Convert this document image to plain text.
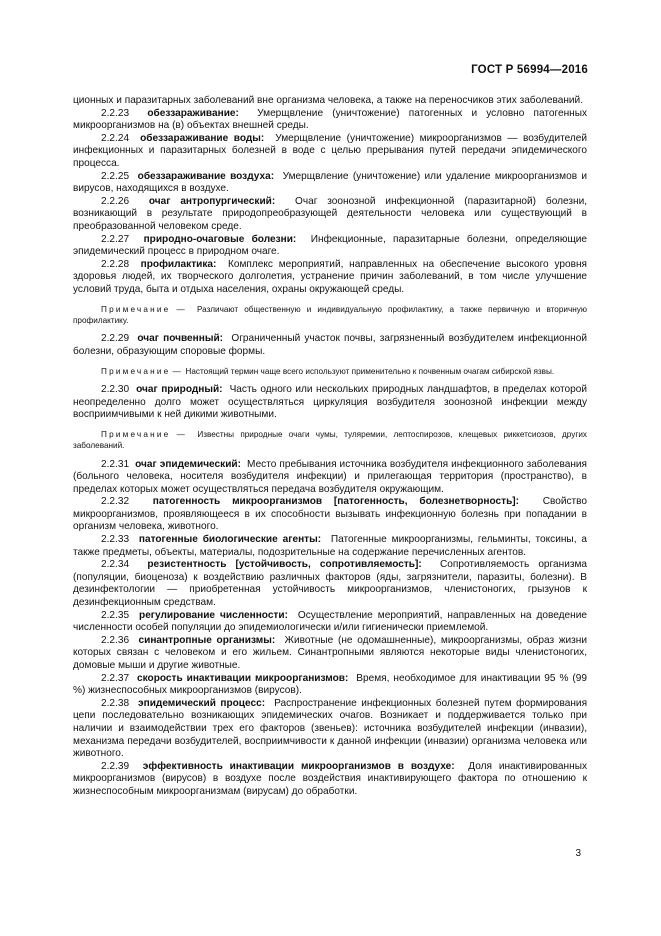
ГОСТ Р 56994—2016

ционных и паразитарных заболеваний вне организма человека, а также на переносчиков этих заболеваний.

2.2.23 обеззараживание: Умерщвление (уничтожение) патогенных и условно патогенных микроорганизмов на (в) объектах внешней среды.

2.2.24 обеззараживание воды: Умерщвление (уничтожение) микроорганизмов — возбудителей инфекционных и паразитарных болезней в воде с целью прерывания путей передачи эпидемического процесса.

2.2.25 обеззараживание воздуха: Умерщвление (уничтожение) или удаление микроорганизмов и вирусов, находящихся в воздухе.

2.2.26 очаг антропургический: Очаг зоонозной инфекционной (паразитарной) болезни, возникающий в результате природопреобразующей деятельности человека или существующий в преобразованной человеком среде.

2.2.27 природно-очаговые болезни: Инфекционные, паразитарные болезни, определяющие эпидемический процесс в природном очаге.

2.2.28 профилактика: Комплекс мероприятий, направленных на обеспечение высокого уровня здоровья людей, их творческого долголетия, устранение причин заболеваний, в том числе улучшение условий труда, быта и отдыха населения, охраны окружающей среды.

Примечание — Различают общественную и индивидуальную профилактику, а также первичную и вторичную профилактику.

2.2.29 очаг почвенный: Ограниченный участок почвы, загрязненный возбудителем инфекционной болезни, образующим споровые формы.

Примечание — Настоящий термин чаще всего используют применительно к почвенным очагам сибирской язвы.

2.2.30 очаг природный: Часть одного или нескольких природных ландшафтов, в пределах которой неопределенно долго может осуществляться циркуляция возбудителя зоонозной инфекции между восприимчивыми к ней дикими животными.

Примечание — Известны природные очаги чумы, туляремии, лептоспирозов, клещевых риккетсиозов, других заболеваний.

2.2.31 очаг эпидемический: Место пребывания источника возбудителя инфекционного заболевания (больного человека, носителя возбудителя инфекции) и прилегающая территория (пространство), в пределах которых может осуществляться передача возбудителя окружающим.

2.2.32 патогенность микроорганизмов [патогенность, болезнетворность]: Свойство микроорганизмов, проявляющееся в их способности вызывать инфекционную болезнь при попадании в организм человека, животного.

2.2.33 патогенные биологические агенты: Патогенные микроорганизмы, гельминты, токсины, а также предметы, объекты, материалы, подозрительные на содержание перечисленных агентов.

2.2.34 резистентность [устойчивость, сопротивляемость]: Сопротивляемость организма (популяции, биоценоза) к воздействию различных факторов (яды, загрязнители, паразиты, болезни). В дезинфектологии — приобретенная устойчивость микроорганизмов, членистоногих, грызунов к дезинфекционным средствам.

2.2.35 регулирование численности: Осуществление мероприятий, направленных на доведение численности особей популяции до эпидемиологически и/или гигиенически приемлемой.

2.2.36 синантропные организмы: Животные (не одомашненные), микроорганизмы, образ жизни которых связан с человеком и его жильем. Синантропными являются некоторые виды членистоногих, домовые мыши и другие животные.

2.2.37 скорость инактивации микроорганизмов: Время, необходимое для инактивации 95 % (99 %) жизнеспособных микроорганизмов (вирусов).

2.2.38 эпидемический процесс: Распространение инфекционных болезней путем формирования цепи последовательно возникающих эпидемических очагов. Возникает и поддерживается только при наличии и взаимодействии трех его факторов (звеньев): источника возбудителей инфекции (инвазии), механизма передачи возбудителей, восприимчивости к данной инфекции (инвазии) организма человека или животного.

2.2.39 эффективность инактивации микроорганизмов в воздухе: Доля инактивированных микроорганизмов (вирусов) в воздухе после воздействия инактивирующего фактора по отношению к жизнеспособным микроорганизмам (вирусам) до обработки.

3
